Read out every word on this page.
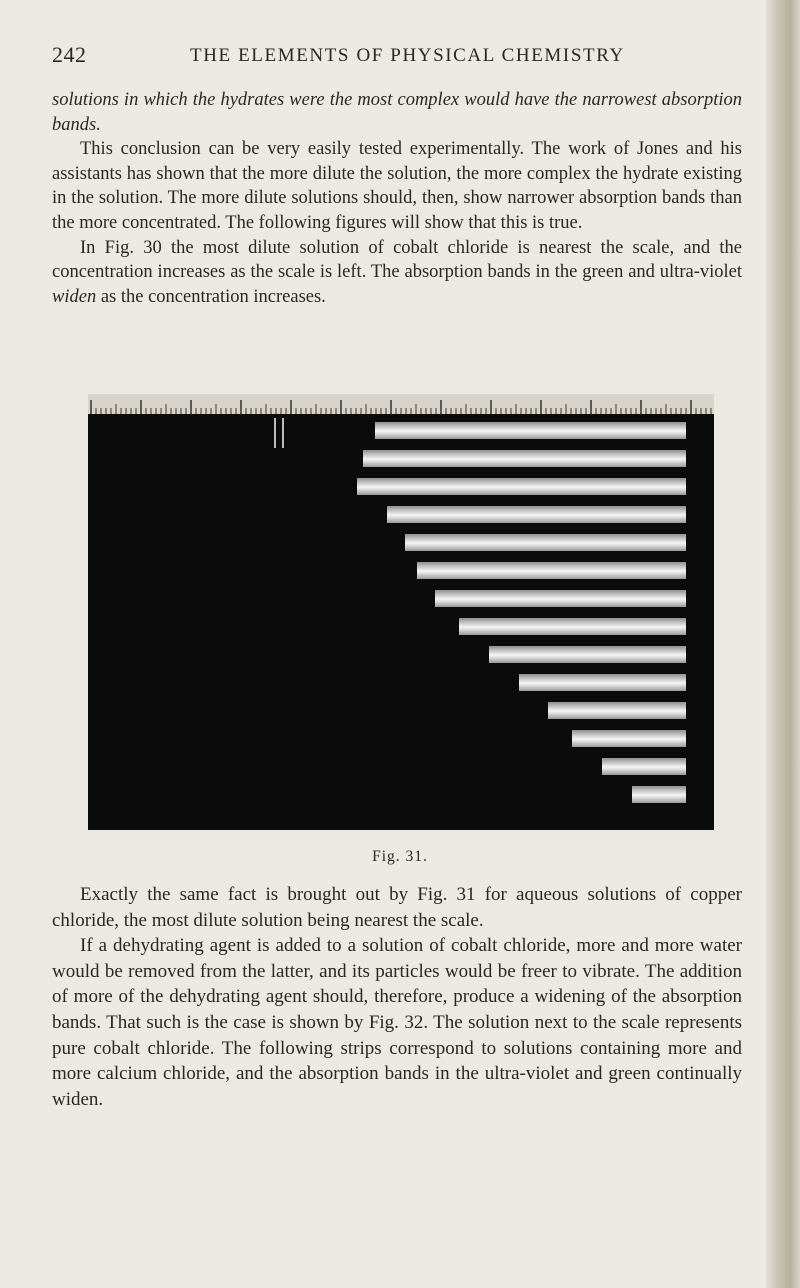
242	THE ELEMENTS OF PHYSICAL CHEMISTRY

solutions in which the hydrates were the most complex would have the narrowest absorption bands.

This conclusion can be very easily tested experimentally. The work of Jones and his assistants has shown that the more dilute the solution, the more complex the hydrate existing in the solution. The more dilute solutions should, then, show narrower absorption bands than the more concentrated. The following figures will show that this is true.

In Fig. 30 the most dilute solution of cobalt chloride is nearest the scale, and the concentration increases as the scale is left. The absorption bands in the green and ultra-violet widen as the concentration increases.

Fig. 31.

Exactly the same fact is brought out by Fig. 31 for aqueous solutions of copper chloride, the most dilute solution being nearest the scale.

If a dehydrating agent is added to a solution of cobalt chloride, more and more water would be removed from the latter, and its particles would be freer to vibrate. The addition of more of the dehydrating agent should, therefore, produce a widening of the absorption bands. That such is the case is shown by Fig. 32. The solution next to the scale represents pure cobalt chloride. The following strips correspond to solutions containing more and more calcium chloride, and the absorption bands in the ultra-violet and green continually widen.
